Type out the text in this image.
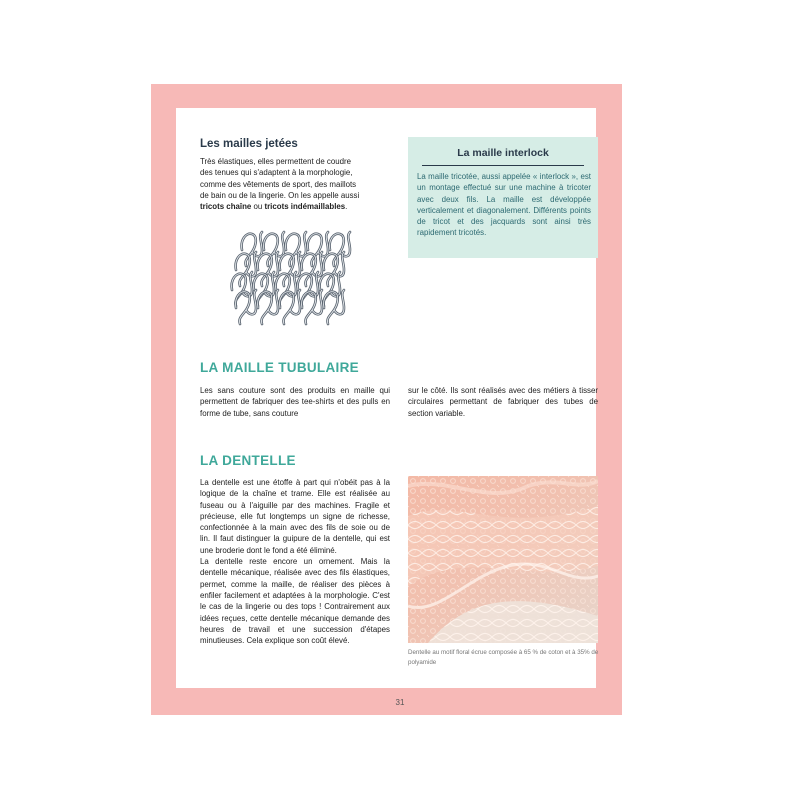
Les mailles jetées
Très élastiques, elles permettent de coudre
des tenues qui s'adaptent à la morphologie,
comme des vêtements de sport, des maillots
de bain ou de la lingerie. On les appelle aussi
tricots chaîne ou tricots indémaillables.
La maille interlock
La maille tricotée, aussi appelée « interlock », est un montage effectué sur une machine à tricoter avec deux fils. La maille est développée verticalement et diagonalement. Différents points de tricot et des jacquards sont ainsi très rapidement tricotés.
LA MAILLE TUBULAIRE
Les sans couture sont des produits en maille qui permettent de fabriquer des tee-shirts et des pulls en forme de tube, sans couture
sur le côté. Ils sont réalisés avec des métiers à tisser circulaires permettant de fabriquer des tubes de section variable.
LA DENTELLE
La dentelle est une étoffe à part qui n'obéit pas à la logique de la chaîne et trame. Elle est réalisée au fuseau ou à l'aiguille par des machines. Fragile et précieuse, elle fut longtemps un signe de richesse, confectionnée à la main avec des fils de soie ou de lin. Il faut distinguer la guipure de la dentelle, qui est une broderie dont le fond a été éliminé.
La dentelle reste encore un ornement. Mais la dentelle mécanique, réalisée avec des fils élastiques, permet, comme la maille, de réaliser des pièces à enfiler facilement et adaptées à la morphologie. C'est le cas de la lingerie ou des tops ! Contrairement aux idées reçues, cette dentelle mécanique demande des heures de travail et une succession d'étapes minutieuses. Cela explique son coût élevé.
Dentelle au motif floral écrue composée à 65 % de coton et à 35% de polyamide
31
